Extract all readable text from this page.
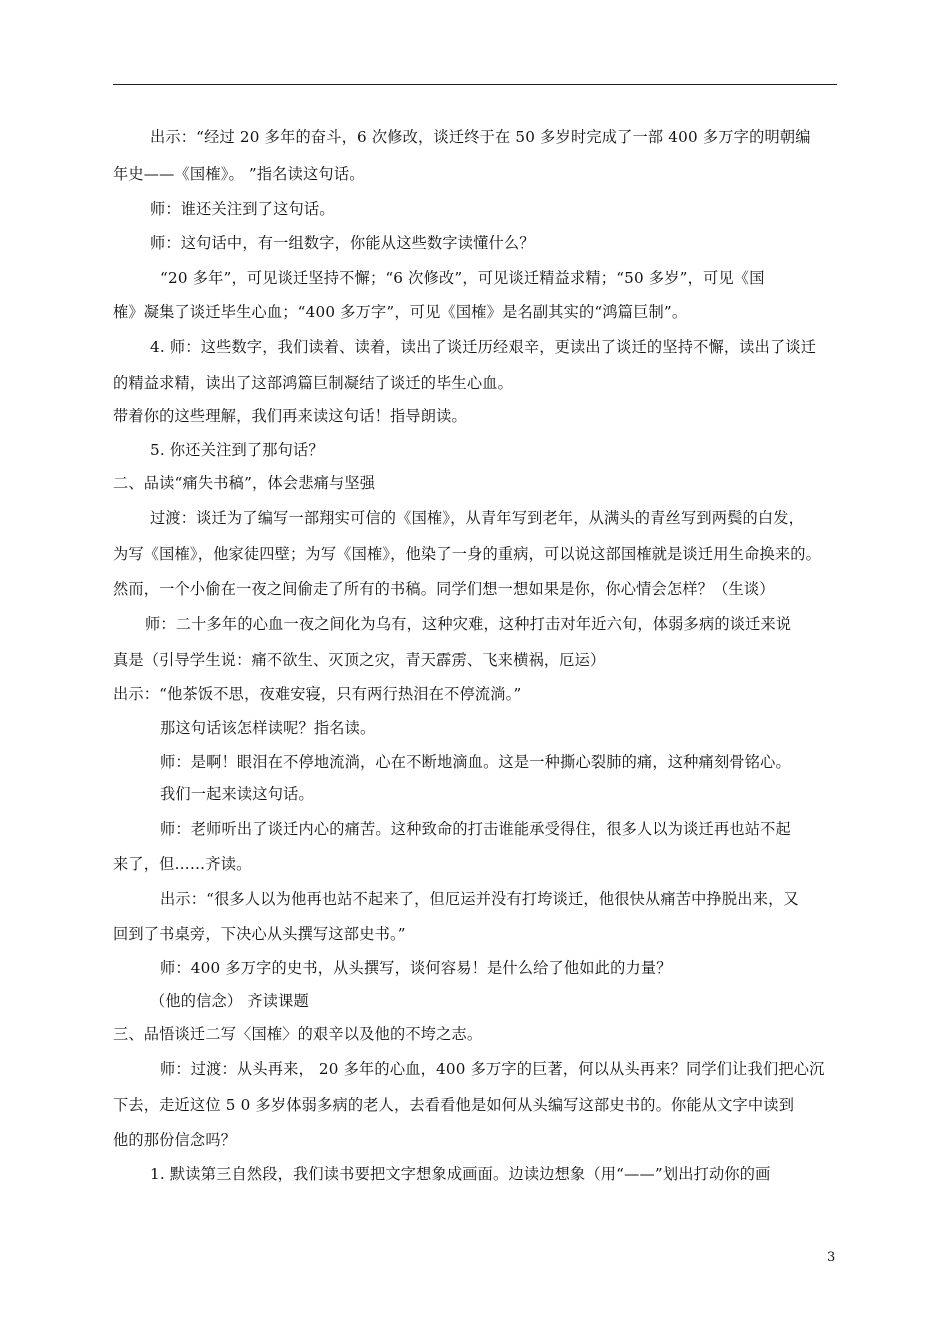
出示：“经过 20 多年的奋斗，6 次修改，谈迁终于在 50 多岁时完成了一部 400 多万字的明朝编
年史——《国榷》。 ”指名读这句话。
师：谁还关注到了这句话。
师：这句话中，有一组数字，你能从这些数字读懂什么？
“20 多年”，可见谈迁坚持不懈；“6 次修改”，可见谈迁精益求精；“50 多岁”，可见《国
榷》凝集了谈迁毕生心血；“400 多万字”，可见《国榷》是名副其实的“鸿篇巨制”。
4. 师：这些数字，我们读着、读着，读出了谈迁历经艰辛，更读出了谈迁的坚持不懈，读出了谈迁
的精益求精，读出了这部鸿篇巨制凝结了谈迁的毕生心血。
带着你的这些理解，我们再来读这句话！指导朗读。
5. 你还关注到了那句话？
二、品读“痛失书稿”，体会悲痛与坚强
过渡：谈迁为了编写一部翔实可信的《国榷》，从青年写到老年，从满头的青丝写到两鬓的白发，
为写《国榷》，他家徒四壁；为写《国榷》，他染了一身的重病，可以说这部国榷就是谈迁用生命换来的。
然而，一个小偷在一夜之间偷走了所有的书稿。同学们想一想如果是你，你心情会怎样？（生谈）
师：二十多年的心血一夜之间化为乌有，这种灾难，这种打击对年近六旬，体弱多病的谈迁来说
真是（引导学生说：痛不欲生、灭顶之灾，青天霹雳、飞来横祸，厄运）
出示：“他茶饭不思，夜难安寝，只有两行热泪在不停流淌。”
那这句话该怎样读呢？指名读。
师：是啊！眼泪在不停地流淌，心在不断地滴血。这是一种撕心裂肺的痛，这种痛刻骨铭心。
我们一起来读这句话。
师：老师听出了谈迁内心的痛苦。这种致命的打击谁能承受得住，很多人以为谈迁再也站不起
来了，但……齐读。
出示：“很多人以为他再也站不起来了，但厄运并没有打垮谈迁，他很快从痛苦中挣脱出来，又
回到了书桌旁，下决心从头撰写这部史书。”
师：400 多万字的史书，从头撰写，谈何容易！是什么给了他如此的力量？
（他的信念） 齐读课题
三、品悟谈迁二写〈国榷〉的艰辛以及他的不垮之志。
师：过渡：从头再来， 20 多年的心血，400 多万字的巨著，何以从头再来？同学们让我们把心沉
下去，走近这位 5 0 多岁体弱多病的老人，去看看他是如何从头编写这部史书的。你能从文字中读到
他的那份信念吗？
1. 默读第三自然段，我们读书要把文字想象成画面。边读边想象（用“——”划出打动你的画
3
